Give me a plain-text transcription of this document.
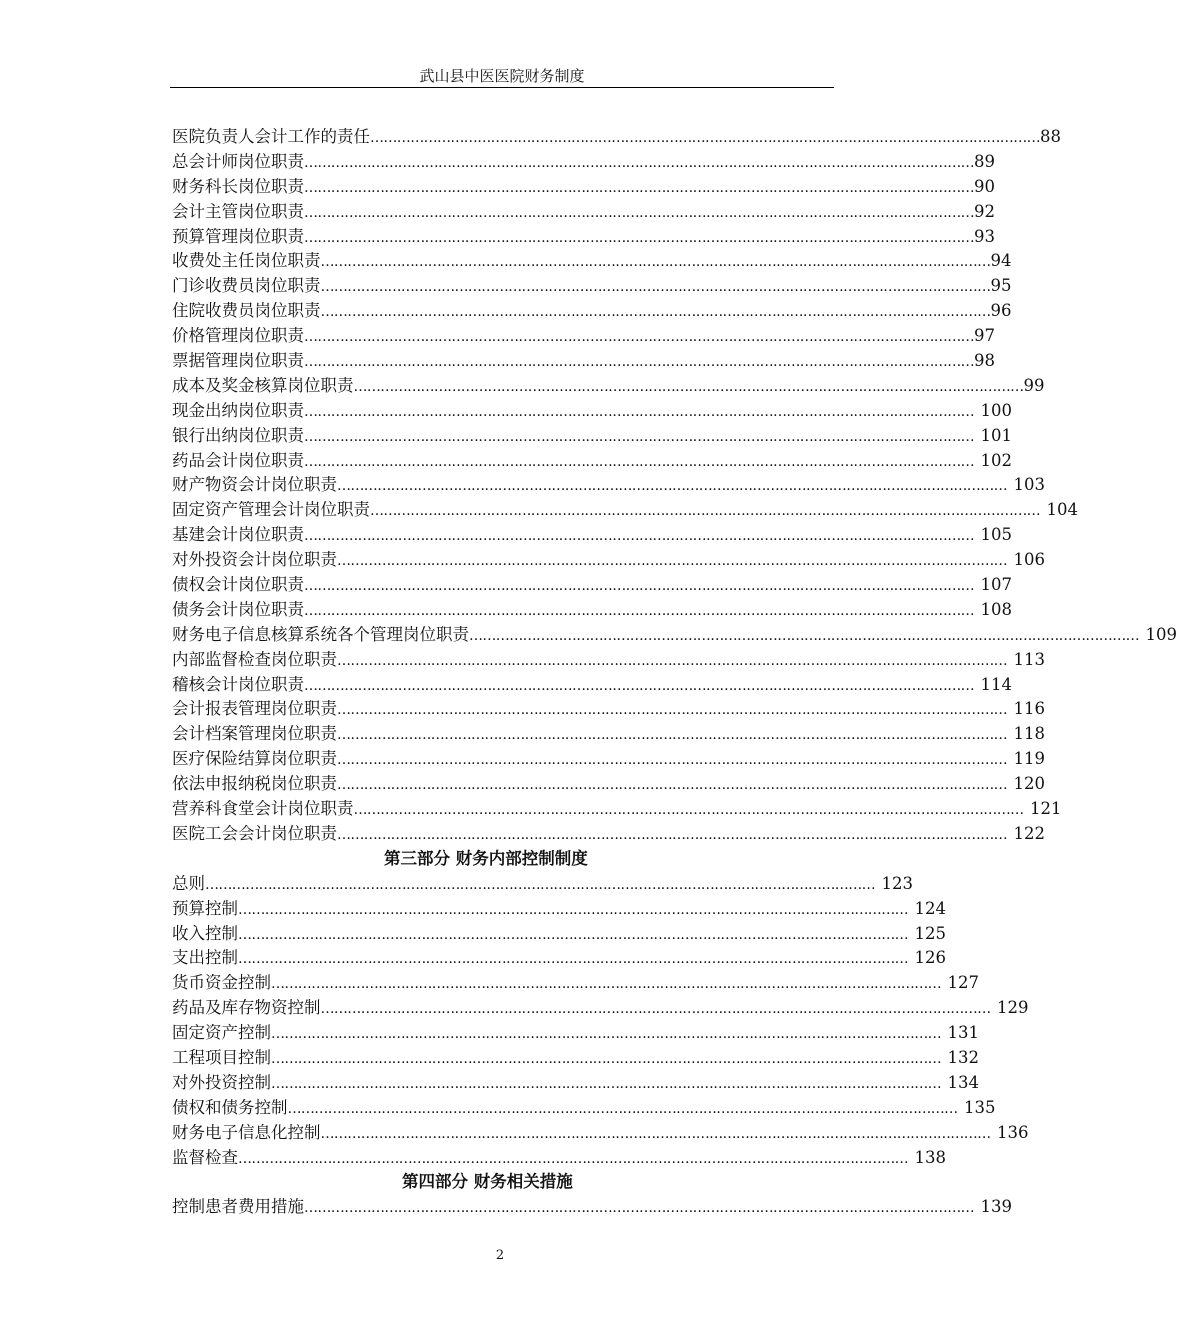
武山县中医医院财务制度
医院负责人会计工作的责任 …………………………………………………………………………………………………………………………………… 88
总会计师岗位职责 …………………………………………………………………………………………………………………………………… 89
财务科长岗位职责 …………………………………………………………………………………………………………………………………… 90
会计主管岗位职责 …………………………………………………………………………………………………………………………………… 92
预算管理岗位职责 …………………………………………………………………………………………………………………………………… 93
收费处主任岗位职责 …………………………………………………………………………………………………………………………………… 94
门诊收费员岗位职责 …………………………………………………………………………………………………………………………………… 95
住院收费员岗位职责 …………………………………………………………………………………………………………………………………… 96
价格管理岗位职责 …………………………………………………………………………………………………………………………………… 97
票据管理岗位职责 …………………………………………………………………………………………………………………………………… 98
成本及奖金核算岗位职责 …………………………………………………………………………………………………………………………………… 99
现金出纳岗位职责 …………………………………………………………………………………………………………………………………… 100
银行出纳岗位职责 …………………………………………………………………………………………………………………………………… 101
药品会计岗位职责 …………………………………………………………………………………………………………………………………… 102
财产物资会计岗位职责 …………………………………………………………………………………………………………………………………… 103
固定资产管理会计岗位职责 …………………………………………………………………………………………………………………………………… 104
基建会计岗位职责 …………………………………………………………………………………………………………………………………… 105
对外投资会计岗位职责 …………………………………………………………………………………………………………………………………… 106
债权会计岗位职责 …………………………………………………………………………………………………………………………………… 107
债务会计岗位职责 …………………………………………………………………………………………………………………………………… 108
财务电子信息核算系统各个管理岗位职责 …………………………………………………………………………………………………………………………………… 109
内部监督检查岗位职责 …………………………………………………………………………………………………………………………………… 113
稽核会计岗位职责 …………………………………………………………………………………………………………………………………… 114
会计报表管理岗位职责 …………………………………………………………………………………………………………………………………… 116
会计档案管理岗位职责 …………………………………………………………………………………………………………………………………… 118
医疗保险结算岗位职责 …………………………………………………………………………………………………………………………………… 119
依法申报纳税岗位职责 …………………………………………………………………………………………………………………………………… 120
营养科食堂会计岗位职责 …………………………………………………………………………………………………………………………………… 121
医院工会会计岗位职责 …………………………………………………………………………………………………………………………………… 122
第三部分 财务内部控制制度
总则 …………………………………………………………………………………………………………………………………… 123
预算控制 …………………………………………………………………………………………………………………………………… 124
收入控制 …………………………………………………………………………………………………………………………………… 125
支出控制 …………………………………………………………………………………………………………………………………… 126
货币资金控制 …………………………………………………………………………………………………………………………………… 127
药品及库存物资控制 …………………………………………………………………………………………………………………………………… 129
固定资产控制 …………………………………………………………………………………………………………………………………… 131
工程项目控制 …………………………………………………………………………………………………………………………………… 132
对外投资控制 …………………………………………………………………………………………………………………………………… 134
债权和债务控制 …………………………………………………………………………………………………………………………………… 135
财务电子信息化控制 …………………………………………………………………………………………………………………………………… 136
监督检查 …………………………………………………………………………………………………………………………………… 138
第四部分 财务相关措施
控制患者费用措施 …………………………………………………………………………………………………………………………………… 139
2
